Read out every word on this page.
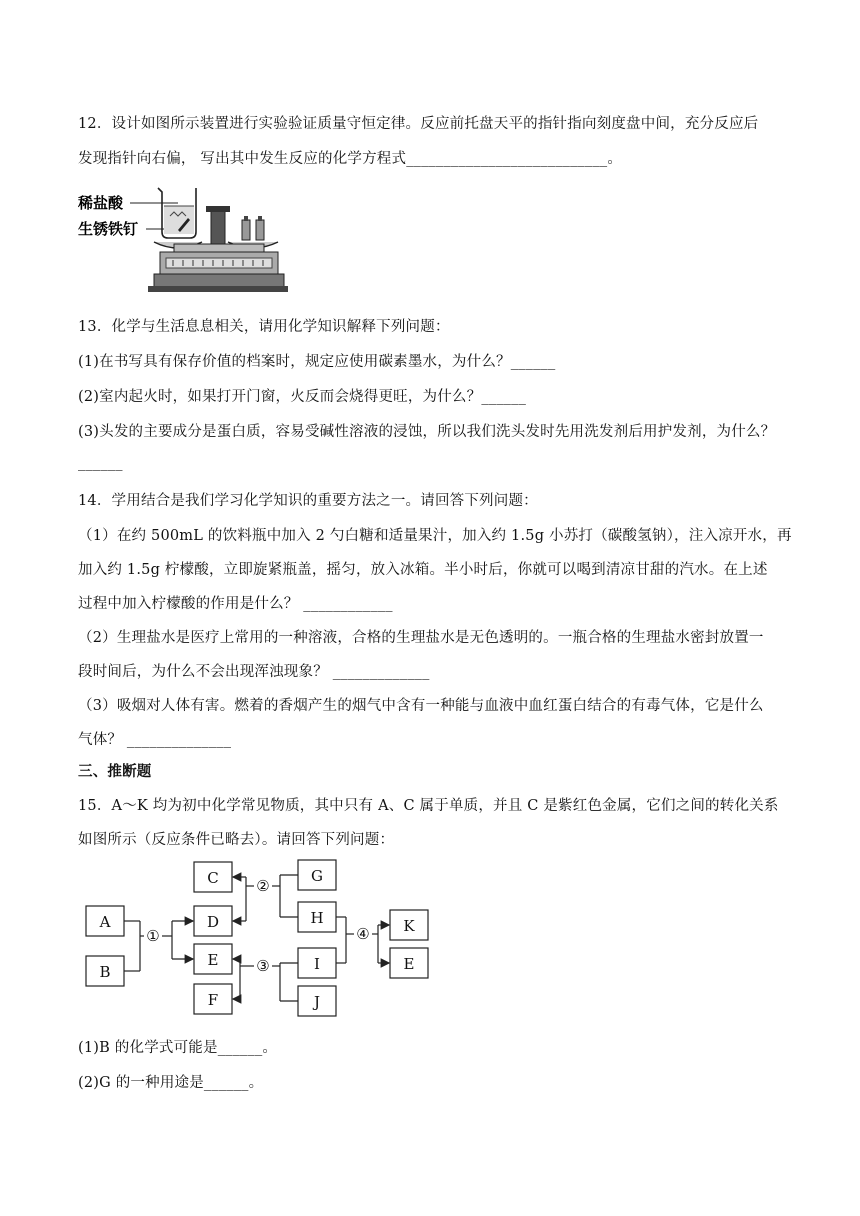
12．设计如图所示装置进行实验验证质量守恒定律。反应前托盘天平的指针指向刻度盘中间，充分反应后
发现指针向右偏， 写出其中发生反应的化学方程式___________________________。
稀盐酸
生锈铁钉
13．化学与生活息息相关，请用化学知识解释下列问题：
(1)在书写具有保存价值的档案时，规定应使用碳素墨水，为什么？______
(2)室内起火时，如果打开门窗，火反而会烧得更旺，为什么？______
(3)头发的主要成分是蛋白质，容易受碱性溶液的浸蚀，所以我们洗头发时先用洗发剂后用护发剂，为什么？
______
14．学用结合是我们学习化学知识的重要方法之一。请回答下列问题：
（1）在约 500mL 的饮料瓶中加入 2 勺白糖和适量果汁，加入约 1.5g 小苏打（碳酸氢钠），注入凉开水，再
加入约 1.5g 柠檬酸，立即旋紧瓶盖，摇匀，放入冰箱。半小时后，你就可以喝到清凉甘甜的汽水。在上述
过程中加入柠檬酸的作用是什么？ ____________
（2）生理盐水是医疗上常用的一种溶液，合格的生理盐水是无色透明的。一瓶合格的生理盐水密封放置一
段时间后，为什么不会出现浑浊现象？ _____________
（3）吸烟对人体有害。燃着的香烟产生的烟气中含有一种能与血液中血红蛋白结合的有毒气体，它是什么
气体？ ______________
三、推断题
15．A～K 均为初中化学常见物质，其中只有 A、C 属于单质，并且 C 是紫红色金属，它们之间的转化关系
如图所示（反应条件已略去）。请回答下列问题：
A
B
C
D
E
F
G
H
I
J
K
E
①
②
③
④
(1)B 的化学式可能是______。
(2)G 的一种用途是______。
